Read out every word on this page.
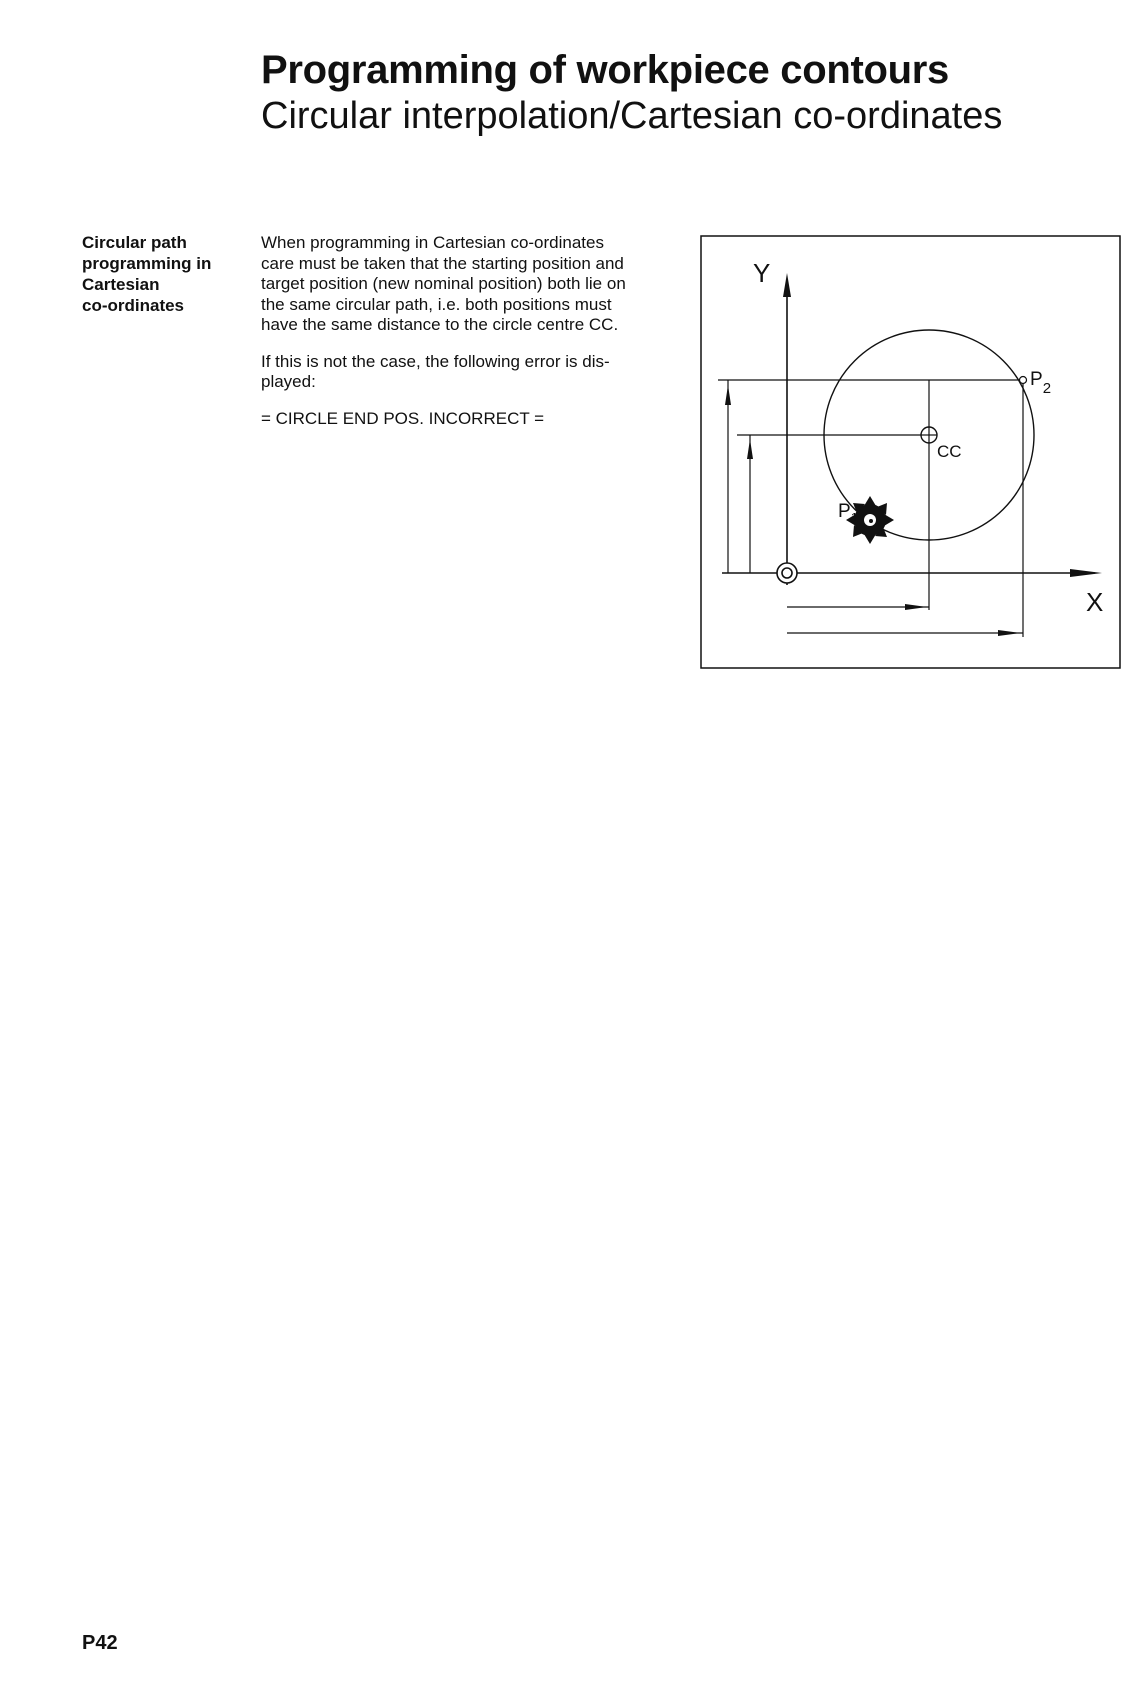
Programming of workpiece contours
Circular interpolation/Cartesian co-ordinates
Circular path
programming in
Cartesian
co-ordinates

When programming in Cartesian co-ordinates
care must be taken that the starting position and
target position (new nominal position) both lie on
the same circular path, i.e. both positions must
have the same distance to the circle centre CC.

If this is not the case, the following error is dis-
played:

= CIRCLE END POS. INCORRECT =

Y
X
$P_1$
$P_2$
CC
P42
